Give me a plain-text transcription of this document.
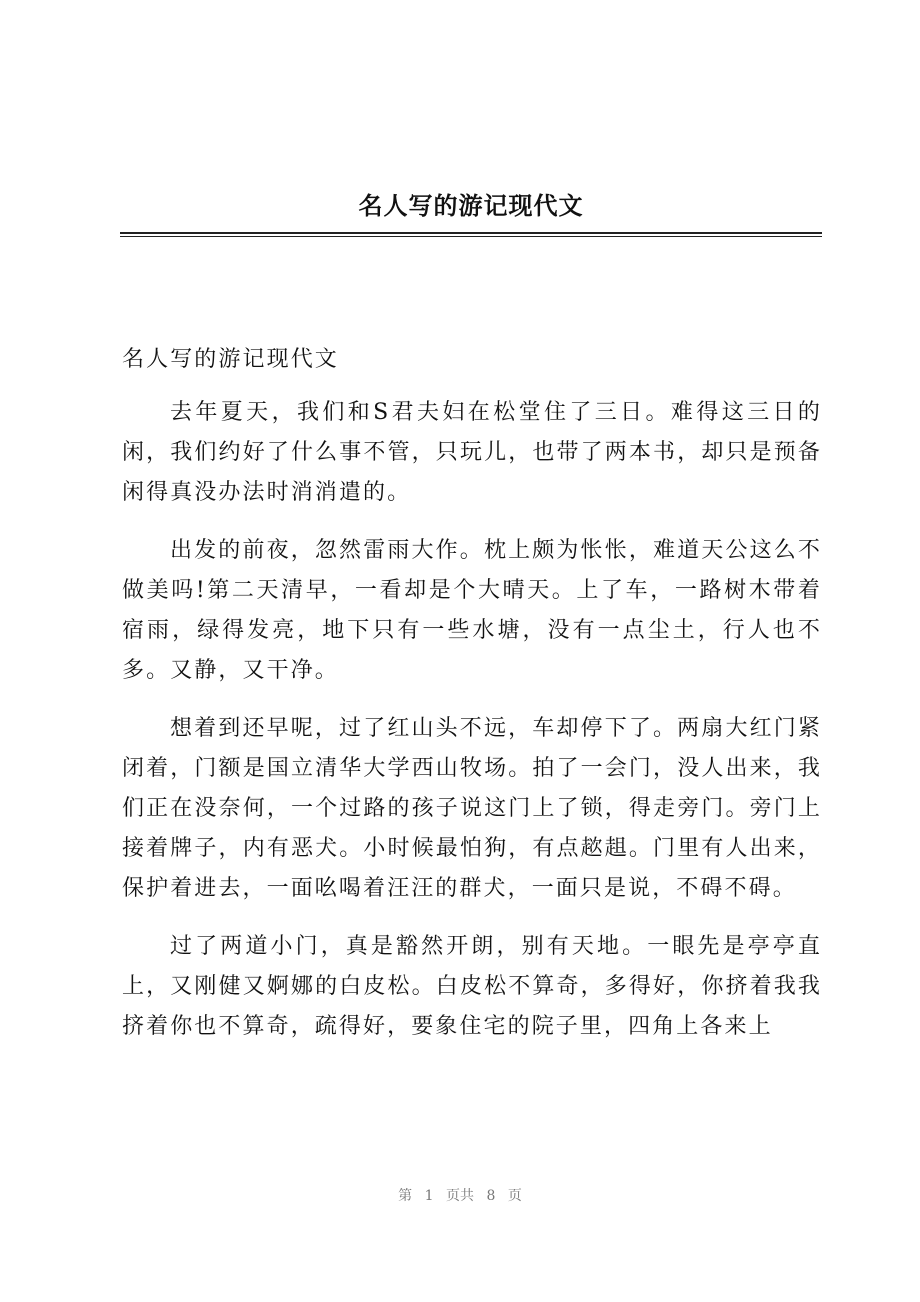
名人写的游记现代文

名人写的游记现代文

去年夏天，我们和S君夫妇在松堂住了三日。难得这三日的闲，我们约好了什么事不管，只玩儿，也带了两本书，却只是预备闲得真没办法时消消遣的。

出发的前夜，忽然雷雨大作。枕上颇为怅怅，难道天公这么不做美吗!第二天清早，一看却是个大晴天。上了车，一路树木带着宿雨，绿得发亮，地下只有一些水塘，没有一点尘土，行人也不多。又静，又干净。

想着到还早呢，过了红山头不远，车却停下了。两扇大红门紧闭着，门额是国立清华大学西山牧场。拍了一会门，没人出来，我们正在没奈何，一个过路的孩子说这门上了锁，得走旁门。旁门上接着牌子，内有恶犬。小时候最怕狗，有点趑趄。门里有人出来，保护着进去，一面吆喝着汪汪的群犬，一面只是说，不碍不碍。

过了两道小门，真是豁然开朗，别有天地。一眼先是亭亭直上，又刚健又婀娜的白皮松。白皮松不算奇，多得好，你挤着我我挤着你也不算奇，疏得好，要象住宅的院子里，四角上各来上

第 1 页共 8 页
